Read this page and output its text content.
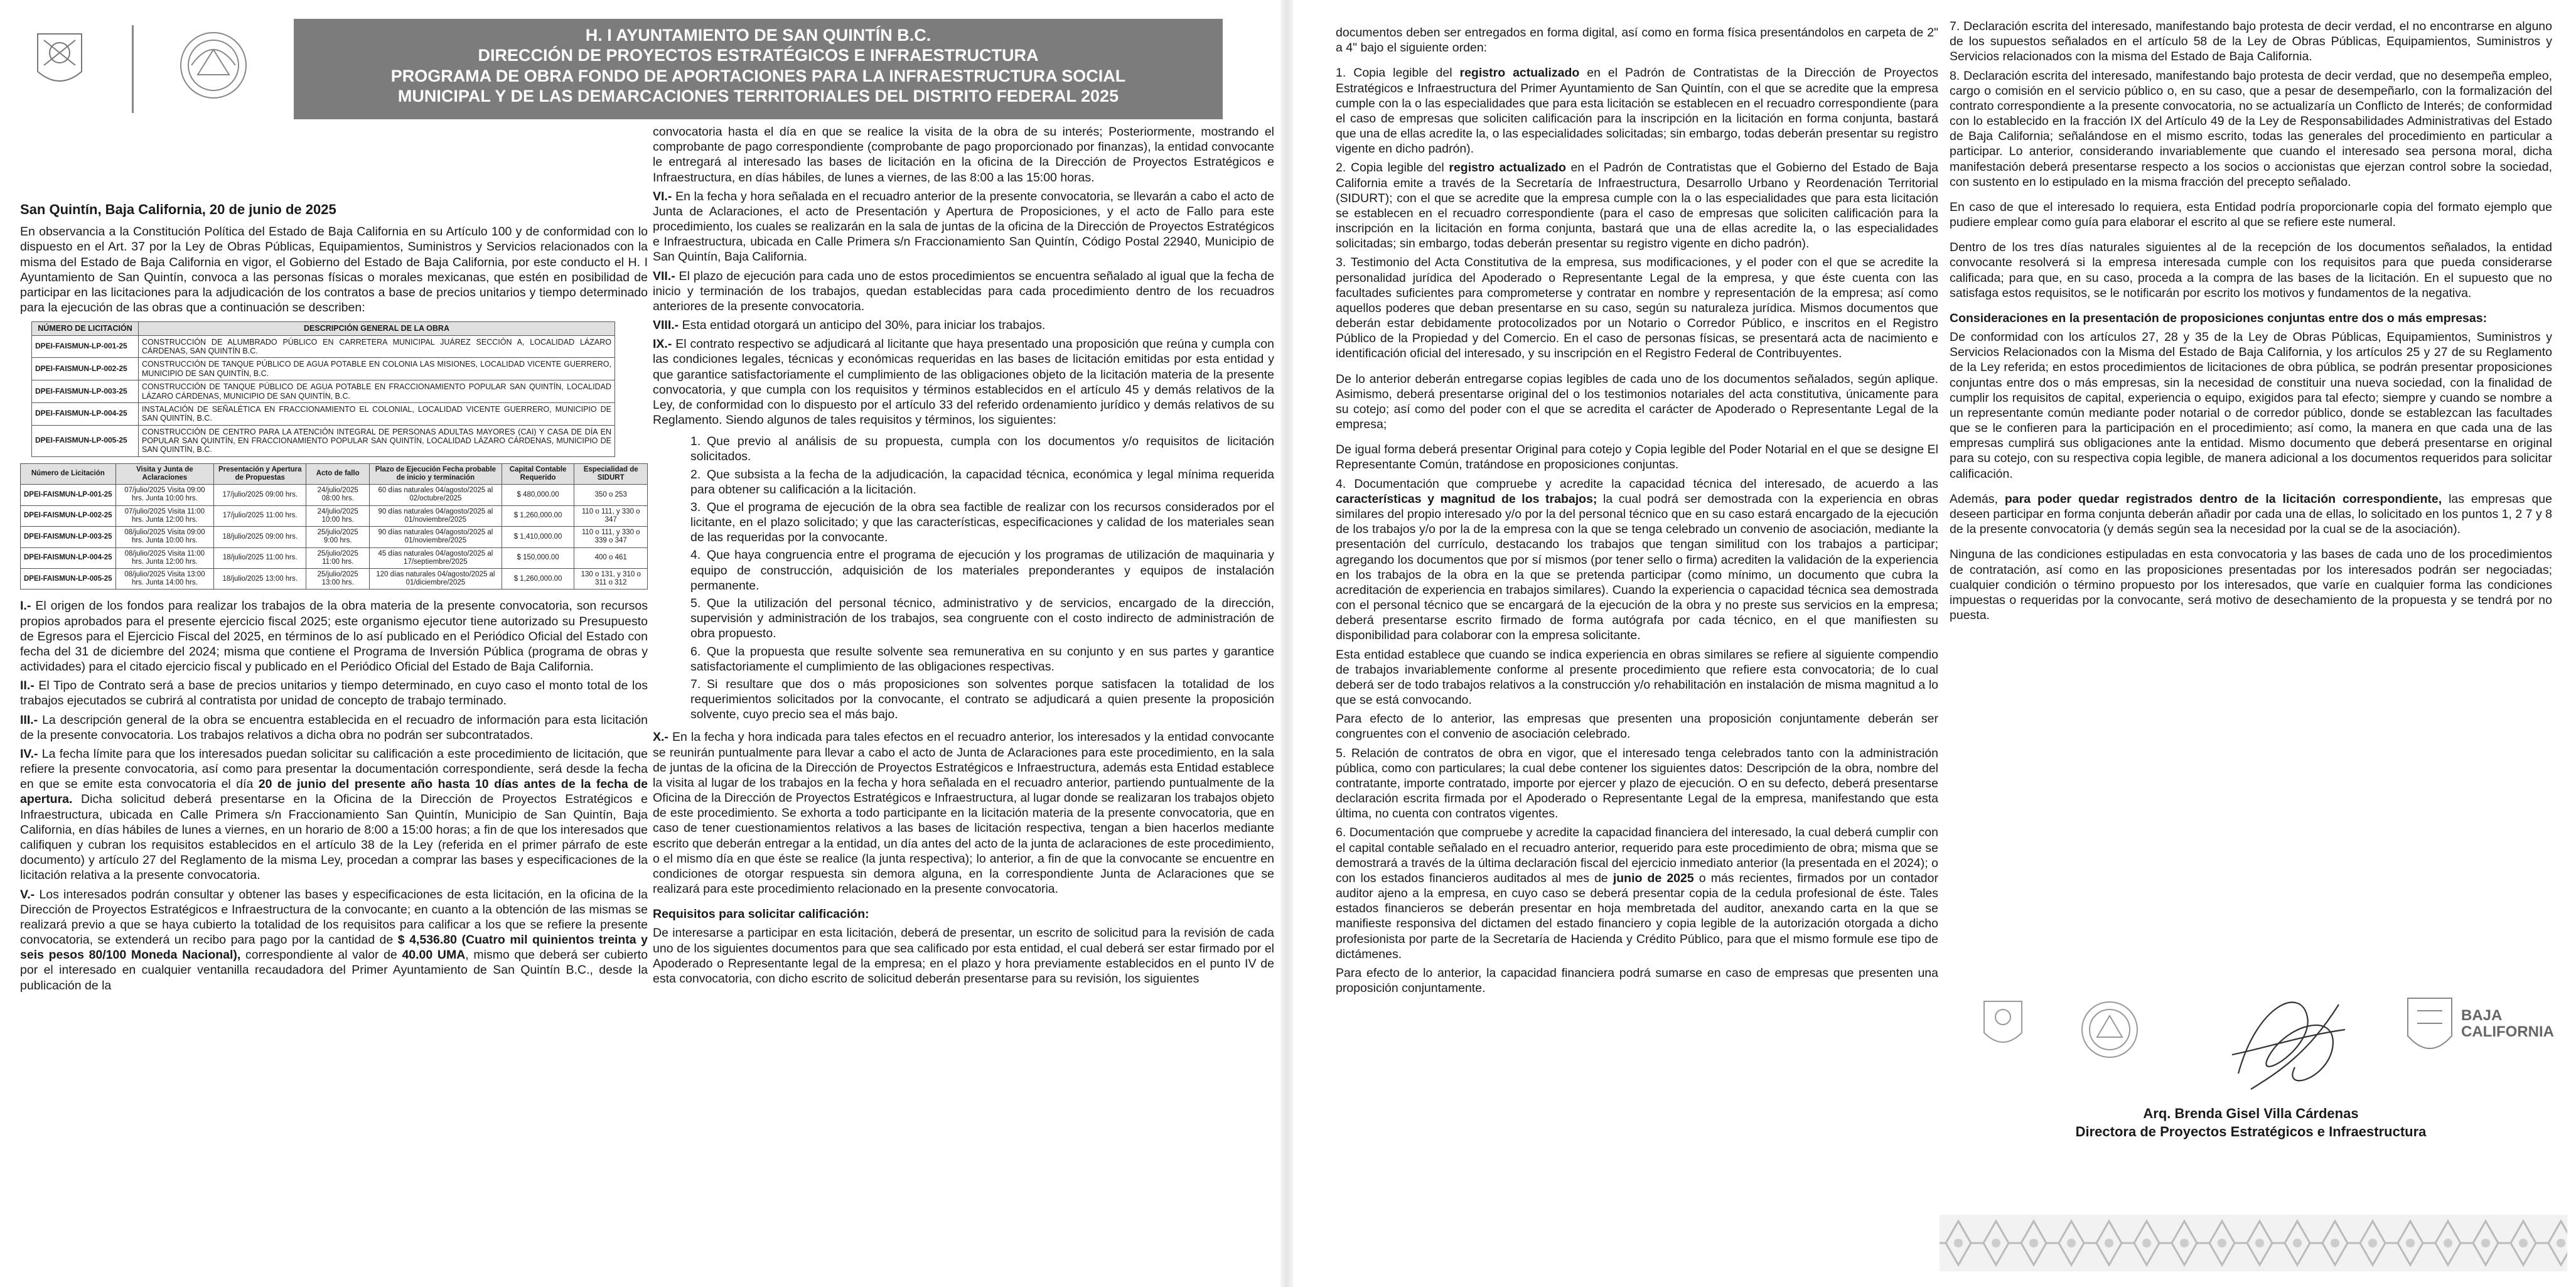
H. I AYUNTAMIENTO DE SAN QUINTÍN B.C.
DIRECCIÓN DE PROYECTOS ESTRATÉGICOS E INFRAESTRUCTURA
PROGRAMA DE OBRA FONDO DE APORTACIONES PARA LA INFRAESTRUCTURA SOCIAL
MUNICIPAL Y DE LAS DEMARCACIONES TERRITORIALES DEL DISTRITO FEDERAL 2025
San Quintín, Baja California, 20 de junio de 2025

En observancia a la Constitución Política del Estado de Baja California en su Artículo 100 y de conformidad con lo dispuesto en el Art. 37 por la Ley de Obras Públicas, Equipamientos, Suministros y Servicios relacionados con la misma del Estado de Baja California en vigor, el Gobierno del Estado de Baja California, por este conducto el H. I Ayuntamiento de San Quintín, convoca a las personas físicas o morales mexicanas, que estén en posibilidad de participar en las licitaciones para la adjudicación de los contratos a base de precios unitarios y tiempo determinado para la ejecución de las obras que a continuación se describen:

NÚMERO DE LICITACIÓN	DESCRIPCIÓN GENERAL DE LA OBRA
DPEI-FAISMUN-LP-001-25	CONSTRUCCIÓN DE ALUMBRADO PÚBLICO EN CARRETERA MUNICIPAL JUÁREZ SECCIÓN A, LOCALIDAD LÁZARO CÁRDENAS, SAN QUINTÍN B.C.
DPEI-FAISMUN-LP-002-25	CONSTRUCCIÓN DE TANQUE PÚBLICO DE AGUA POTABLE EN COLONIA LAS MISIONES, LOCALIDAD VICENTE GUERRERO, MUNICIPIO DE SAN QUINTÍN, B.C.
DPEI-FAISMUN-LP-003-25	CONSTRUCCIÓN DE TANQUE PÚBLICO DE AGUA POTABLE EN FRACCIONAMIENTO POPULAR SAN QUINTÍN, LOCALIDAD LÁZARO CÁRDENAS, MUNICIPIO DE SAN QUINTÍN, B.C.
DPEI-FAISMUN-LP-004-25	INSTALACIÓN DE SEÑALÉTICA EN FRACCIONAMIENTO EL COLONIAL, LOCALIDAD VICENTE GUERRERO, MUNICIPIO DE SAN QUINTÍN, B.C.
DPEI-FAISMUN-LP-005-25	CONSTRUCCIÓN DE CENTRO PARA LA ATENCIÓN INTEGRAL DE PERSONAS ADULTAS MAYORES (CAI) Y CASA DE DÍA EN POPULAR SAN QUINTÍN, EN FRACCIONAMIENTO POPULAR SAN QUINTÍN, LOCALIDAD LÁZARO CÁRDENAS, MUNICIPIO DE SAN QUINTÍN, B.C.
Número de Licitación	Visita y Junta de Aclaraciones	Presentación y Apertura de Propuestas	Acto de fallo	Plazo de Ejecución Fecha probable de inicio y terminación	Capital Contable Requerido	Especialidad de SIDURT
DPEI-FAISMUN-LP-001-25	07/julio/2025 Visita 09:00 hrs. Junta 10:00 hrs.	17/julio/2025 09:00 hrs.	24/julio/2025 08:00 hrs.	60 días naturales 04/agosto/2025 al 02/octubre/2025	$ 480,000.00	350 o 253
DPEI-FAISMUN-LP-002-25	07/julio/2025 Visita 11:00 hrs. Junta 12:00 hrs.	17/julio/2025 11:00 hrs.	24/julio/2025 10:00 hrs.	90 días naturales 04/agosto/2025 al 01/noviembre/2025	$ 1,260,000.00	110 o 111, y 330 o 347
DPEI-FAISMUN-LP-003-25	08/julio/2025 Visita 09:00 hrs. Junta 10:00 hrs.	18/julio/2025 09:00 hrs.	25/julio/2025 9:00 hrs.	90 días naturales 04/agosto/2025 al 01/noviembre/2025	$ 1,410,000.00	110 o 111, y 330 o 339 o 347
DPEI-FAISMUN-LP-004-25	08/julio/2025 Visita 11:00 hrs. Junta 12:00 hrs.	18/julio/2025 11:00 hrs.	25/julio/2025 11:00 hrs.	45 días naturales 04/agosto/2025 al 17/septiembre/2025	$ 150,000.00	400 o 461
DPEI-FAISMUN-LP-005-25	08/julio/2025 Visita 13:00 hrs. Junta 14:00 hrs.	18/julio/2025 13:00 hrs.	25/julio/2025 13:00 hrs.	120 días naturales 04/agosto/2025 al 01/diciembre/2025	$ 1,260,000.00	130 o 131, y 310 o 311 o 312

I.- El origen de los fondos para realizar los trabajos de la obra materia de la presente convocatoria, son recursos propios aprobados para el presente ejercicio fiscal 2025; este organismo ejecutor tiene autorizado su Presupuesto de Egresos para el Ejercicio Fiscal del 2025, en términos de lo así publicado en el Periódico Oficial del Estado con fecha del 31 de diciembre del 2024; misma que contiene el Programa de Inversión Pública (programa de obras y actividades) para el citado ejercicio fiscal y publicado en el Periódico Oficial del Estado de Baja California.

II.- El Tipo de Contrato será a base de precios unitarios y tiempo determinado, en cuyo caso el monto total de los trabajos ejecutados se cubrirá al contratista por unidad de concepto de trabajo terminado.

III.- La descripción general de la obra se encuentra establecida en el recuadro de información para esta licitación de la presente convocatoria. Los trabajos relativos a dicha obra no podrán ser subcontratados.

IV.- La fecha límite para que los interesados puedan solicitar su calificación a este procedimiento de licitación, que refiere la presente convocatoria, así como para presentar la documentación correspondiente, será desde la fecha en que se emite esta convocatoria el día 20 de junio del presente año hasta 10 días antes de la fecha de apertura. Dicha solicitud deberá presentarse en la Oficina de la Dirección de Proyectos Estratégicos e Infraestructura, ubicada en Calle Primera s/n Fraccionamiento San Quintín, Municipio de San Quintín, Baja California, en días hábiles de lunes a viernes, en un horario de 8:00 a 15:00 horas; a fin de que los interesados que califiquen y cubran los requisitos establecidos en el artículo 38 de la Ley (referida en el primer párrafo de este documento) y artículo 27 del Reglamento de la misma Ley, procedan a comprar las bases y especificaciones de la licitación relativa a la presente convocatoria.

V.- Los interesados podrán consultar y obtener las bases y especificaciones de esta licitación, en la oficina de la Dirección de Proyectos Estratégicos e Infraestructura de la convocante; en cuanto a la obtención de las mismas se realizará previo a que se haya cubierto la totalidad de los requisitos para calificar a los que se refiere la presente convocatoria, se extenderá un recibo para pago por la cantidad de $ 4,536.80 (Cuatro mil quinientos treinta y seis pesos 80/100 Moneda Nacional), correspondiente al valor de 40.00 UMA, mismo que deberá ser cubierto por el interesado en cualquier ventanilla recaudadora del Primer Ayuntamiento de San Quintín B.C., desde la publicación de la

convocatoria hasta el día en que se realice la visita de la obra de su interés; Posteriormente, mostrando el comprobante de pago correspondiente (comprobante de pago proporcionado por finanzas), la entidad convocante le entregará al interesado las bases de licitación en la oficina de la Dirección de Proyectos Estratégicos e Infraestructura, en días hábiles, de lunes a viernes, de las 8:00 a las 15:00 horas.

VI.- En la fecha y hora señalada en el recuadro anterior de la presente convocatoria, se llevarán a cabo el acto de Junta de Aclaraciones, el acto de Presentación y Apertura de Proposiciones, y el acto de Fallo para este procedimiento, los cuales se realizarán en la sala de juntas de la oficina de la Dirección de Proyectos Estratégicos e Infraestructura, ubicada en Calle Primera s/n Fraccionamiento San Quintín, Código Postal 22940, Municipio de San Quintín, Baja California.

VII.- El plazo de ejecución para cada uno de estos procedimientos se encuentra señalado al igual que la fecha de inicio y terminación de los trabajos, quedan establecidas para cada procedimiento dentro de los recuadros anteriores de la presente convocatoria.

VIII.- Esta entidad otorgará un anticipo del 30%, para iniciar los trabajos.

IX.- El contrato respectivo se adjudicará al licitante que haya presentado una proposición que reúna y cumpla con las condiciones legales, técnicas y económicas requeridas en las bases de licitación emitidas por esta entidad y que garantice satisfactoriamente el cumplimiento de las obligaciones objeto de la licitación materia de la presente convocatoria, y que cumpla con los requisitos y términos establecidos en el artículo 45 y demás relativos de la Ley, de conformidad con lo dispuesto por el artículo 33 del referido ordenamiento jurídico y demás relativos de su Reglamento. Siendo algunos de tales requisitos y términos, los siguientes:

1. Que previo al análisis de su propuesta, cumpla con los documentos y/o requisitos de licitación solicitados.
2. Que subsista a la fecha de la adjudicación, la capacidad técnica, económica y legal mínima requerida para obtener su calificación a la licitación.
3. Que el programa de ejecución de la obra sea factible de realizar con los recursos considerados por el licitante, en el plazo solicitado; y que las características, especificaciones y calidad de los materiales sean de las requeridas por la convocante.
4. Que haya congruencia entre el programa de ejecución y los programas de utilización de maquinaria y equipo de construcción, adquisición de los materiales preponderantes y equipos de instalación permanente.
5. Que la utilización del personal técnico, administrativo y de servicios, encargado de la dirección, supervisión y administración de los trabajos, sea congruente con el costo indirecto de administración de obra propuesto.
6. Que la propuesta que resulte solvente sea remunerativa en su conjunto y en sus partes y garantice satisfactoriamente el cumplimiento de las obligaciones respectivas.
7. Si resultare que dos o más proposiciones son solventes porque satisfacen la totalidad de los requerimientos solicitados por la convocante, el contrato se adjudicará a quien presente la proposición solvente, cuyo precio sea el más bajo.

X.- En la fecha y hora indicada para tales efectos en el recuadro anterior, los interesados y la entidad convocante se reunirán puntualmente para llevar a cabo el acto de Junta de Aclaraciones para este procedimiento, en la sala de juntas de la oficina de la Dirección de Proyectos Estratégicos e Infraestructura, además esta Entidad establece la visita al lugar de los trabajos en la fecha y hora señalada en el recuadro anterior, partiendo puntualmente de la Oficina de la Dirección de Proyectos Estratégicos e Infraestructura, al lugar donde se realizaran los trabajos objeto de este procedimiento. Se exhorta a todo participante en la licitación materia de la presente convocatoria, que en caso de tener cuestionamientos relativos a las bases de licitación respectiva, tengan a bien hacerlos mediante escrito que deberán entregar a la entidad, un día antes del acto de la junta de aclaraciones de este procedimiento, o el mismo día en que éste se realice (la junta respectiva); lo anterior, a fin de que la convocante se encuentre en condiciones de otorgar respuesta sin demora alguna, en la correspondiente Junta de Aclaraciones que se realizará para este procedimiento relacionado en la presente convocatoria.

Requisitos para solicitar calificación:

De interesarse a participar en esta licitación, deberá de presentar, un escrito de solicitud para la revisión de cada uno de los siguientes documentos para que sea calificado por esta entidad, el cual deberá ser estar firmado por el Apoderado o Representante legal de la empresa; en el plazo y hora previamente establecidos en el punto IV de esta convocatoria, con dicho escrito de solicitud deberán presentarse para su revisión, los siguientes

documentos deben ser entregados en forma digital, así como en forma física presentándolos en carpeta de 2" a 4" bajo el siguiente orden:

1. Copia legible del registro actualizado en el Padrón de Contratistas de la Dirección de Proyectos Estratégicos e Infraestructura del Primer Ayuntamiento de San Quintín, con el que se acredite que la empresa cumple con la o las especialidades que para esta licitación se establecen en el recuadro correspondiente (para el caso de empresas que soliciten calificación para la inscripción en la licitación en forma conjunta, bastará que una de ellas acredite la, o las especialidades solicitadas; sin embargo, todas deberán presentar su registro vigente en dicho padrón).

2. Copia legible del registro actualizado en el Padrón de Contratistas que el Gobierno del Estado de Baja California emite a través de la Secretaría de Infraestructura, Desarrollo Urbano y Reordenación Territorial (SIDURT); con el que se acredite que la empresa cumple con la o las especialidades que para esta licitación se establecen en el recuadro correspondiente (para el caso de empresas que soliciten calificación para la inscripción en la licitación en forma conjunta, bastará que una de ellas acredite la, o las especialidades solicitadas; sin embargo, todas deberán presentar su registro vigente en dicho padrón).

3. Testimonio del Acta Constitutiva de la empresa, sus modificaciones, y el poder con el que se acredite la personalidad jurídica del Apoderado o Representante Legal de la empresa, y que éste cuenta con las facultades suficientes para comprometerse y contratar en nombre y representación de la empresa; así como aquellos poderes que deban presentarse en su caso, según su naturaleza jurídica. Mismos documentos que deberán estar debidamente protocolizados por un Notario o Corredor Público, e inscritos en el Registro Público de la Propiedad y del Comercio. En el caso de personas físicas, se presentará acta de nacimiento e identificación oficial del interesado, y su inscripción en el Registro Federal de Contribuyentes.

De lo anterior deberán entregarse copias legibles de cada uno de los documentos señalados, según aplique. Asimismo, deberá presentarse original del o los testimonios notariales del acta constitutiva, únicamente para su cotejo; así como del poder con el que se acredita el carácter de Apoderado o Representante Legal de la empresa;

De igual forma deberá presentar Original para cotejo y Copia legible del Poder Notarial en el que se designe El Representante Común, tratándose en proposiciones conjuntas.

4. Documentación que compruebe y acredite la capacidad técnica del interesado, de acuerdo a las características y magnitud de los trabajos; la cual podrá ser demostrada con la experiencia en obras similares del propio interesado y/o por la del personal técnico que en su caso estará encargado de la ejecución de los trabajos y/o por la de la empresa con la que se tenga celebrado un convenio de asociación, mediante la presentación del currículo, destacando los trabajos que tengan similitud con los trabajos a participar; agregando los documentos que por sí mismos (por tener sello o firma) acrediten la validación de la experiencia en los trabajos de la obra en la que se pretenda participar (como mínimo, un documento que cubra la acreditación de experiencia en trabajos similares). Cuando la experiencia o capacidad técnica sea demostrada con el personal técnico que se encargará de la ejecución de la obra y no preste sus servicios en la empresa; deberá presentarse escrito firmado de forma autógrafa por cada técnico, en el que manifiesten su disponibilidad para colaborar con la empresa solicitante.

Esta entidad establece que cuando se indica experiencia en obras similares se refiere al siguiente compendio de trabajos invariablemente conforme al presente procedimiento que refiere esta convocatoria; de lo cual deberá ser de todo trabajos relativos a la construcción y/o rehabilitación en instalación de misma magnitud a lo que se está convocando.

Para efecto de lo anterior, las empresas que presenten una proposición conjuntamente deberán ser congruentes con el convenio de asociación celebrado.

5. Relación de contratos de obra en vigor, que el interesado tenga celebrados tanto con la administración pública, como con particulares; la cual debe contener los siguientes datos: Descripción de la obra, nombre del contratante, importe contratado, importe por ejercer y plazo de ejecución. O en su defecto, deberá presentarse declaración escrita firmada por el Apoderado o Representante Legal de la empresa, manifestando que esta última, no cuenta con contratos vigentes.

6. Documentación que compruebe y acredite la capacidad financiera del interesado, la cual deberá cumplir con el capital contable señalado en el recuadro anterior, requerido para este procedimiento de obra; misma que se demostrará a través de la última declaración fiscal del ejercicio inmediato anterior (la presentada en el 2024); o con los estados financieros auditados al mes de junio de 2025 o más recientes, firmados por un contador auditor ajeno a la empresa, en cuyo caso se deberá presentar copia de la cedula profesional de éste. Tales estados financieros se deberán presentar en hoja membretada del auditor, anexando carta en la que se manifieste responsiva del dictamen del estado financiero y copia legible de la autorización otorgada a dicho profesionista por parte de la Secretaría de Hacienda y Crédito Público, para que el mismo formule ese tipo de dictámenes.

Para efecto de lo anterior, la capacidad financiera podrá sumarse en caso de empresas que presenten una proposición conjuntamente.

7. Declaración escrita del interesado, manifestando bajo protesta de decir verdad, el no encontrarse en alguno de los supuestos señalados en el artículo 58 de la Ley de Obras Públicas, Equipamientos, Suministros y Servicios relacionados con la misma del Estado de Baja California.

8. Declaración escrita del interesado, manifestando bajo protesta de decir verdad, que no desempeña empleo, cargo o comisión en el servicio público o, en su caso, que a pesar de desempeñarlo, con la formalización del contrato correspondiente a la presente convocatoria, no se actualizaría un Conflicto de Interés; de conformidad con lo establecido en la fracción IX del Artículo 49 de la Ley de Responsabilidades Administrativas del Estado de Baja California; señalándose en el mismo escrito, todas las generales del procedimiento en particular a participar. Lo anterior, considerando invariablemente que cuando el interesado sea persona moral, dicha manifestación deberá presentarse respecto a los socios o accionistas que ejerzan control sobre la sociedad, con sustento en lo estipulado en la misma fracción del precepto señalado.

En caso de que el interesado lo requiera, esta Entidad podría proporcionarle copia del formato ejemplo que pudiere emplear como guía para elaborar el escrito al que se refiere este numeral.

Dentro de los tres días naturales siguientes al de la recepción de los documentos señalados, la entidad convocante resolverá si la empresa interesada cumple con los requisitos para que pueda considerarse calificada; para que, en su caso, proceda a la compra de las bases de la licitación. En el supuesto que no satisfaga estos requisitos, se le notificarán por escrito los motivos y fundamentos de la negativa.

Consideraciones en la presentación de proposiciones conjuntas entre dos o más empresas:

De conformidad con los artículos 27, 28 y 35 de la Ley de Obras Públicas, Equipamientos, Suministros y Servicios Relacionados con la Misma del Estado de Baja California, y los artículos 25 y 27 de su Reglamento de la Ley referida; en estos procedimientos de licitaciones de obra pública, se podrán presentar proposiciones conjuntas entre dos o más empresas, sin la necesidad de constituir una nueva sociedad, con la finalidad de cumplir los requisitos de capital, experiencia o equipo, exigidos para tal efecto; siempre y cuando se nombre a un representante común mediante poder notarial o de corredor público, donde se establezcan las facultades que se le confieren para la participación en el procedimiento; así como, la manera en que cada una de las empresas cumplirá sus obligaciones ante la entidad. Mismo documento que deberá presentarse en original para su cotejo, con su respectiva copia legible, de manera adicional a los documentos requeridos para solicitar calificación.

Además, para poder quedar registrados dentro de la licitación correspondiente, las empresas que deseen participar en forma conjunta deberán añadir por cada una de ellas, lo solicitado en los puntos 1, 2 7 y 8 de la presente convocatoria (y demás según sea la necesidad por la cual se de la asociación).

Ninguna de las condiciones estipuladas en esta convocatoria y las bases de cada uno de los procedimientos de contratación, así como en las proposiciones presentadas por los interesados podrán ser negociadas; cualquier condición o término propuesto por los interesados, que varíe en cualquier forma las condiciones impuestas o requeridas por la convocante, será motivo de desechamiento de la propuesta y se tendrá por no puesta.

BAJA CALIFORNIA
Arq. Brenda Gisel Villa Cárdenas
Directora de Proyectos Estratégicos e Infraestructura
